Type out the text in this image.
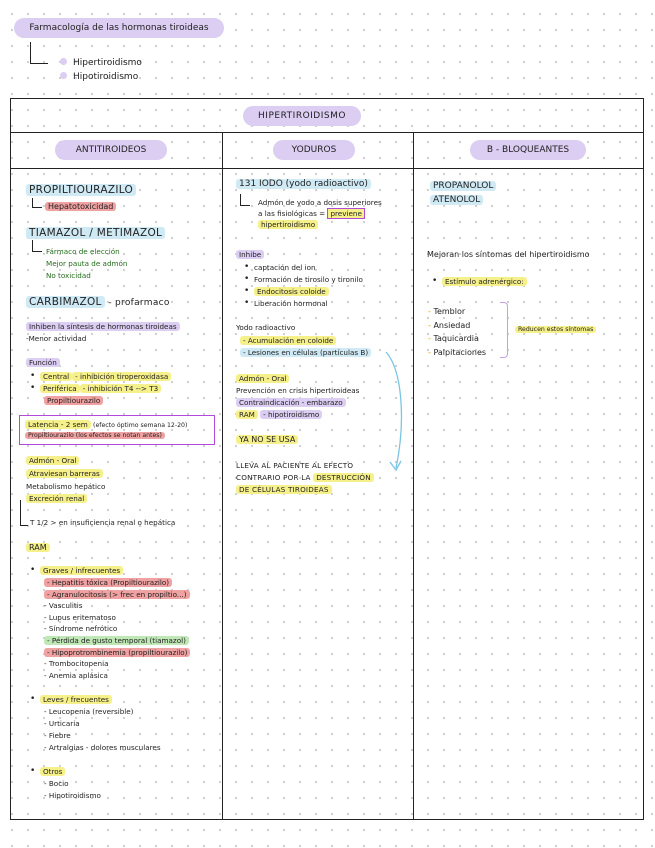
Farmacología de las hormonas tiroideas
Hipertiroidismo
Hipotiroidismo
HIPERTIROIDISMO
ANTITIROIDEOS	YODUROS	B - BLOQUEANTES
PROPILTIOURAZILO
Hepatotoxicidad
TIAMAZOL / METIMAZOL
Fármaco de elección
Mejor pauta de admón
No toxicidad
CARBIMAZOL - profarmaco
Inhiben la síntesis de hormonas tiroideas
-Menor actividad
Función
• Central - inhibición tiroperoxidasa
• Periférica - inhibición T4 --> T3
Propiltiourazilo
Latencia - 2 sem (efecto óptimo semana 12-20)
Propiltiourazilo (los efectos se notan antes)
Admón - Oral
Atraviesan barreras
Metabolismo hepático
Excreción renal
T 1/2 > en insuficiencia renal o hepática
RAM
• Graves / infrecuentes
- Hepatitis tóxica (Propiltiourazilo)
- Agranulocitosis (> frec en propiltio...)
- Vasculitis
- Lupus eritematoso
- Síndrome nefrótico
- Pérdida de gusto temporal (tiamazol)
- Hipoprotrombinemia (propiltiourazilo)
- Trombocitopenia
- Anemia aplásica
• Leves / frecuentes
- Leucopenia (reversible)
- Urticaria
- Fiebre
- Artralgias - dolores musculares
• Otros
- Bocio
- Hipotiroidismo
131 IODO (yodo radioactivo)
Admón de yodo a dosis superiores
a las fisiológicas = previene
hipertiroidismo
Inhibe
• captación del ion
• Formación de tirosilo y tironilo
• Endocitosis coloide
• Liberación hormonal
Yodo radioactivo
- Acumulación en coloide
- Lesiones en células (partículas B)
Admón - Oral
Prevención en crisis hipertiroideas
Contraindicación - embarazo
RAM - hipotiroidismo
YA NO SE USA
LLEVA AL PACIENTE AL EFECTO
CONTRARIO POR LA DESTRUCCIÓN
DE CÉLULAS TIROIDEAS
PROPANOLOL
ATENOLOL
Mejoran los síntomas del hipertiroidismo
• Estímulo adrenérgico:
- Temblor
- Ansiedad
- Taquicardia
- Palpitaciones
Reducen estos síntomas
